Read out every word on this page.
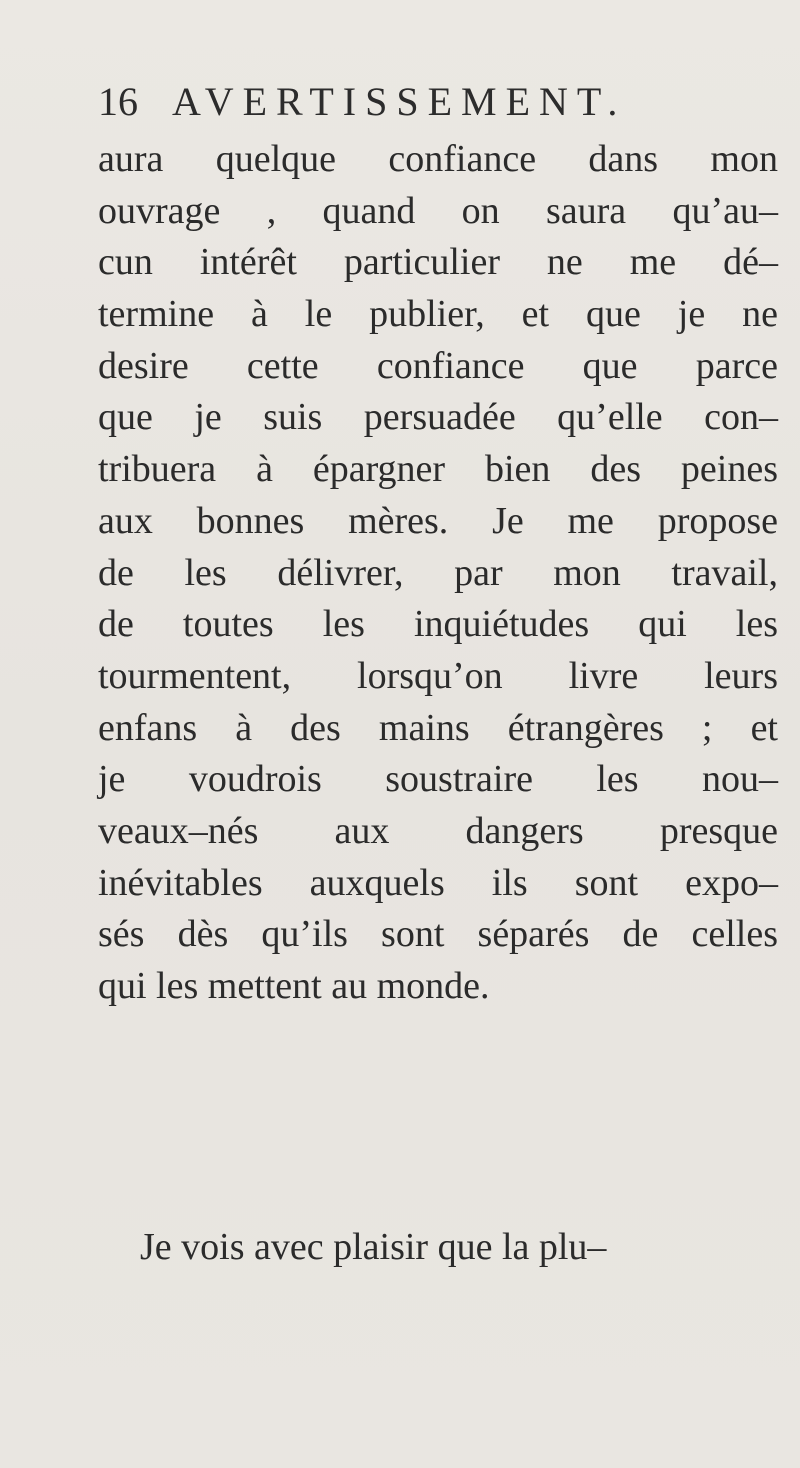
16 AVERTISSEMENT.
aura quelque confiance dans mon
ouvrage , quand on saura qu’au–
cun intérêt particulier ne me dé–
termine à le publier, et que je ne
desire cette confiance que parce
que je suis persuadée qu’elle con–
tribuera à épargner bien des peines
aux bonnes mères. Je me propose
de les délivrer, par mon travail,
de toutes les inquiétudes qui les
tourmentent, lorsqu’on livre leurs
enfans à des mains étrangères ; et
je voudrois soustraire les nou–
veaux–nés aux dangers presque
inévitables auxquels ils sont expo–
sés dès qu’ils sont séparés de celles
qui les mettent au monde.
Je vois avec plaisir que la plu–
